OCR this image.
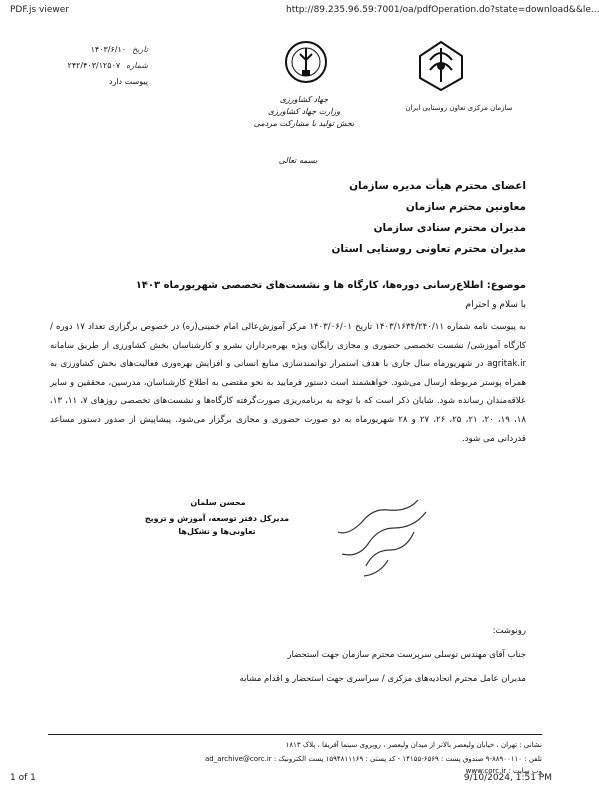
PDF.js viewer	http://89.235.96.59:7001/oa/pdfOperation.do?state=download&&le...
جهاد کشاورزی
وزارت جهاد کشاورزی
بخش تولید با مشارکت مردمی
سازمان مرکزی تعاون روستایی ایران
تاریخ۱۴۰۳/۶/۱۰
شماره۲۴۲/۴۰۳/۱۲۵۰۷
پیوست دارد
بسمه تعالی
اعضای محترم هیأت مدیره سازمان
معاونین محترم سازمان
مدیران محترم ستادی سازمان
مدیران محترم تعاونی روستایی استان
موضوع: اطلاع‌رسانی دوره‌ها، کارگاه ها و نشست‌های تخصصی شهریورماه ۱۴۰۳
با سلام و احترام
به پیوست نامه شماره ۱۴۰۳/۱۶۳۴/۲۴۰/۱۱ تاریخ ۱۴۰۳/۰۶/۰۱ مرکز آموزش‌عالی امام خمینی(ره) در خصوص برگزاری تعداد ۱۷ دوره /کارگاه آموزشی/ نشست تخصصی حضوری و مجازی رایگان ویژه بهره‌برداران بشرو و کارشناسان بخش کشاورزی از طریق سامانه agritak.ir در شهریورماه سال جاری با هدف استمرار توانمندسازی منابع انسانی و افزایش بهره‌وری فعالیت‌های بخش کشاورزی به همراه پوستر مربوطه ارسال می‌شود. خواهشمند است دستور فرمایید به نحو مقتضی به اطلاع کارشناسان، مدرسین، محققین و سایر علاقه‌مندان رسانده شود. شایان ذکر است که با توجه به برنامه‌ریزی صورت‌گرفته کارگاه‌ها و نشست‌های تخصصی روزهای ۷، ۱۱، ۱۳، ۱۸، ۱۹، ۲۰، ۲۱، ۲۵، ۲۶، ۲۷ و ۲۸ شهریورماه به دو صورت حضوری و مجازی برگزار می‌شود. پیشاپیش از صدور دستور مساعد قدردانی می شود.
محسن سلمان
مدیرکل دفتر توسعه، آموزش و ترویج
تعاونی‌ها و تشکل‌ها
رونوشت:
جناب آقای مهندس توسلی سرپرست محترم سازمان جهت استحضار
مدیران عامل محترم اتحادیه‌های مرکزی / سراسری جهت استحضار و اقدام مشابه
نشانی : تهران ، خیابان ولیعصر بالاتر از میدان ولیعصر ، روبروی سینما آفریقا ، پلاک ۱۸۱۳
تلفن : ۸۸۹۰۰۱۱۰-۹ صندوق پست : ۶۵۶۹-۱۴۱۵۵ - کد پستی : ۱۵۹۴۸۱۱۱۶۹ پست الکترونیک : ad_archive@corc.ir
وب سایت : www.corc.ir
1 of 1	9/10/2024, 1:51 PM
